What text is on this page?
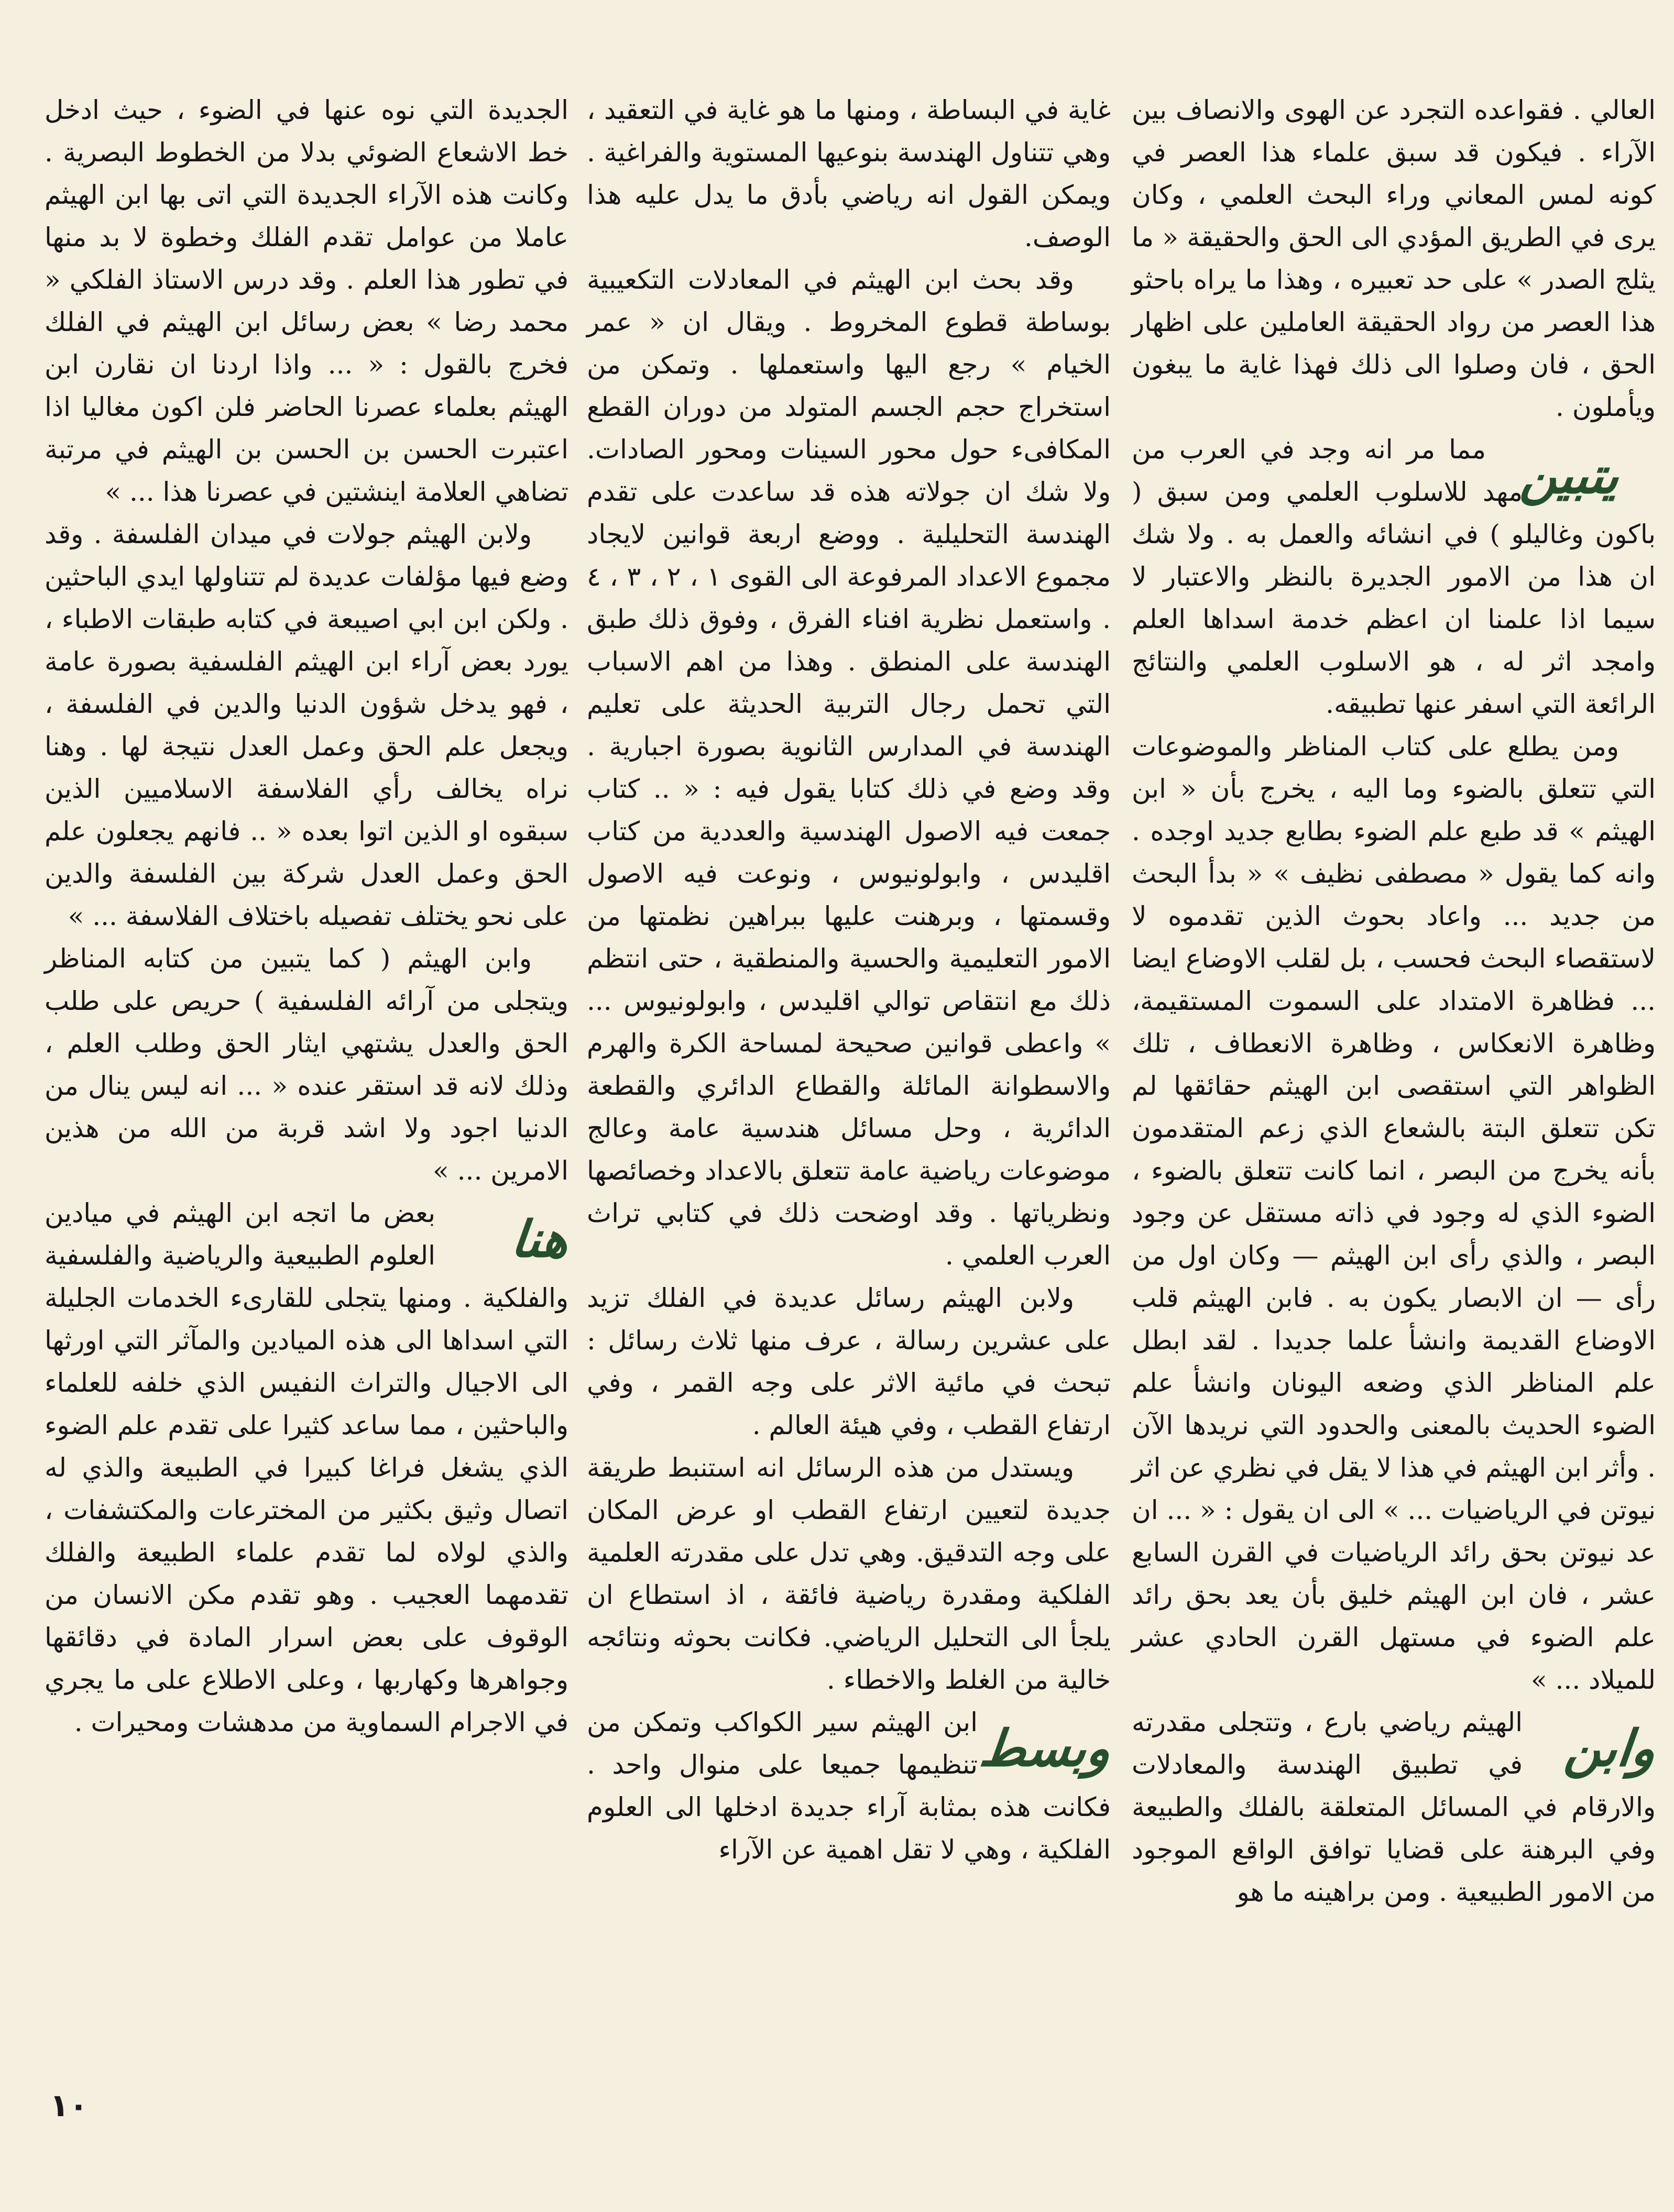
العالي . فقواعده التجرد عن الهوى والانصاف بين الآراء . فيكون قد سبق علماء هذا العصر في كونه لمس المعاني وراء البحث العلمي ، وكان يرى في الطريق المؤدي الى الحق والحقيقة « ما يثلج الصدر » على حد تعبيره ، وهذا ما يراه باحثو هذا العصر من رواد الحقيقة العاملين على اظهار الحق ، فان وصلوا الى ذلك فهذا غاية ما يبغون ويأملون .

يتبين
مما مر انه وجد في العرب من مهد للاسلوب العلمي ومن سبق ( باكون وغاليلو ) في انشائه والعمل به . ولا شك ان هذا من الامور الجديرة بالنظر والاعتبار لا سيما اذا علمنا ان اعظم خدمة اسداها العلم وامجد اثر له ، هو الاسلوب العلمي والنتائج الرائعة التي اسفر عنها تطبيقه.

ومن يطلع على كتاب المناظر والموضوعات التي تتعلق بالضوء وما اليه ، يخرج بأن « ابن الهيثم » قد طبع علم الضوء بطابع جديد اوجده . وانه كما يقول « مصطفى نظيف » « بدأ البحث من جديد ... واعاد بحوث الذين تقدموه لا لاستقصاء البحث فحسب ، بل لقلب الاوضاع ايضا ... فظاهرة الامتداد على السموت المستقيمة، وظاهرة الانعكاس ، وظاهرة الانعطاف ، تلك الظواهر التي استقصى ابن الهيثم حقائقها لم تكن تتعلق البتة بالشعاع الذي زعم المتقدمون بأنه يخرج من البصر ، انما كانت تتعلق بالضوء ، الضوء الذي له وجود في ذاته مستقل عن وجود البصر ، والذي رأى ابن الهيثم — وكان اول من رأى — ان الابصار يكون به . فابن الهيثم قلب الاوضاع القديمة وانشأ علما جديدا . لقد ابطل علم المناظر الذي وضعه اليونان وانشأ علم الضوء الحديث بالمعنى والحدود التي نريدها الآن . وأثر ابن الهيثم في هذا لا يقل في نظري عن اثر نيوتن في الرياضيات ... » الى ان يقول : « ... ان عد نيوتن بحق رائد الرياضيات في القرن السابع عشر ، فان ابن الهيثم خليق بأن يعد بحق رائد علم الضوء في مستهل القرن الحادي عشر للميلاد ... »

وابن
الهيثم رياضي بارع ، وتتجلى مقدرته في تطبيق الهندسة والمعادلات والارقام في المسائل المتعلقة بالفلك والطبيعة وفي البرهنة على قضايا توافق الواقع الموجود من الامور الطبيعية . ومن براهينه ما هو

غاية في البساطة ، ومنها ما هو غاية في التعقيد ، وهي تتناول الهندسة بنوعيها المستوية والفراغية . ويمكن القول انه رياضي بأدق ما يدل عليه هذا الوصف.

وقد بحث ابن الهيثم في المعادلات التكعيبية بوساطة قطوع المخروط . ويقال ان « عمر الخيام » رجع اليها واستعملها . وتمكن من استخراج حجم الجسم المتولد من دوران القطع المكافىء حول محور السينات ومحور الصادات. ولا شك ان جولاته هذه قد ساعدت على تقدم الهندسة التحليلية . ووضع اربعة قوانين لايجاد مجموع الاعداد المرفوعة الى القوى ١ ، ٢ ، ٣ ، ٤ . واستعمل نظرية افناء الفرق ، وفوق ذلك طبق الهندسة على المنطق . وهذا من اهم الاسباب التي تحمل رجال التربية الحديثة على تعليم الهندسة في المدارس الثانوية بصورة اجبارية . وقد وضع في ذلك كتابا يقول فيه : « .. كتاب جمعت فيه الاصول الهندسية والعددية من كتاب اقليدس ، وابولونيوس ، ونوعت فيه الاصول وقسمتها ، وبرهنت عليها ببراهين نظمتها من الامور التعليمية والحسية والمنطقية ، حتى انتظم ذلك مع انتقاص توالي اقليدس ، وابولونيوس ... » واعطى قوانين صحيحة لمساحة الكرة والهرم والاسطوانة المائلة والقطاع الدائري والقطعة الدائرية ، وحل مسائل هندسية عامة وعالج موضوعات رياضية عامة تتعلق بالاعداد وخصائصها ونظرياتها . وقد اوضحت ذلك في كتابي تراث العرب العلمي .

ولابن الهيثم رسائل عديدة في الفلك تزيد على عشرين رسالة ، عرف منها ثلاث رسائل : تبحث في مائية الاثر على وجه القمر ، وفي ارتفاع القطب ، وفي هيئة العالم .

ويستدل من هذه الرسائل انه استنبط طريقة جديدة لتعيين ارتفاع القطب او عرض المكان على وجه التدقيق. وهي تدل على مقدرته العلمية الفلكية ومقدرة رياضية فائقة ، اذ استطاع ان يلجأ الى التحليل الرياضي. فكانت بحوثه ونتائجه خالية من الغلط والاخطاء .

وبسط
ابن الهيثم سير الكواكب وتمكن من تنظيمها جميعا على منوال واحد . فكانت هذه بمثابة آراء جديدة ادخلها الى العلوم الفلكية ، وهي لا تقل اهمية عن الآراء

الجديدة التي نوه عنها في الضوء ، حيث ادخل خط الاشعاع الضوئي بدلا من الخطوط البصرية . وكانت هذه الآراء الجديدة التي اتى بها ابن الهيثم عاملا من عوامل تقدم الفلك وخطوة لا بد منها في تطور هذا العلم . وقد درس الاستاذ الفلكي « محمد رضا » بعض رسائل ابن الهيثم في الفلك فخرج بالقول : « ... واذا اردنا ان نقارن ابن الهيثم بعلماء عصرنا الحاضر فلن اكون مغاليا اذا اعتبرت الحسن بن الحسن بن الهيثم في مرتبة تضاهي العلامة اينشتين في عصرنا هذا ... »

ولابن الهيثم جولات في ميدان الفلسفة . وقد وضع فيها مؤلفات عديدة لم تتناولها ايدي الباحثين . ولكن ابن ابي اصيبعة في كتابه طبقات الاطباء ، يورد بعض آراء ابن الهيثم الفلسفية بصورة عامة ، فهو يدخل شؤون الدنيا والدين في الفلسفة ، ويجعل علم الحق وعمل العدل نتيجة لها . وهنا نراه يخالف رأي الفلاسفة الاسلاميين الذين سبقوه او الذين اتوا بعده « .. فانهم يجعلون علم الحق وعمل العدل شركة بين الفلسفة والدين على نحو يختلف تفصيله باختلاف الفلاسفة ... »

وابن الهيثم ( كما يتبين من كتابه المناظر ويتجلى من آرائه الفلسفية ) حريص على طلب الحق والعدل يشتهي ايثار الحق وطلب العلم ، وذلك لانه قد استقر عنده « ... انه ليس ينال من الدنيا اجود ولا اشد قربة من الله من هذين الامرين ... »

هنا
بعض ما اتجه ابن الهيثم في ميادين العلوم الطبيعية والرياضية والفلسفية والفلكية . ومنها يتجلى للقارىء الخدمات الجليلة التي اسداها الى هذه الميادين والمآثر التي اورثها الى الاجيال والتراث النفيس الذي خلفه للعلماء والباحثين ، مما ساعد كثيرا على تقدم علم الضوء الذي يشغل فراغا كبيرا في الطبيعة والذي له اتصال وثيق بكثير من المخترعات والمكتشفات ، والذي لولاه لما تقدم علماء الطبيعة والفلك تقدمهما العجيب . وهو تقدم مكن الانسان من الوقوف على بعض اسرار المادة في دقائقها وجواهرها وكهاربها ، وعلى الاطلاع على ما يجري في الاجرام السماوية من مدهشات ومحيرات .

١٠
